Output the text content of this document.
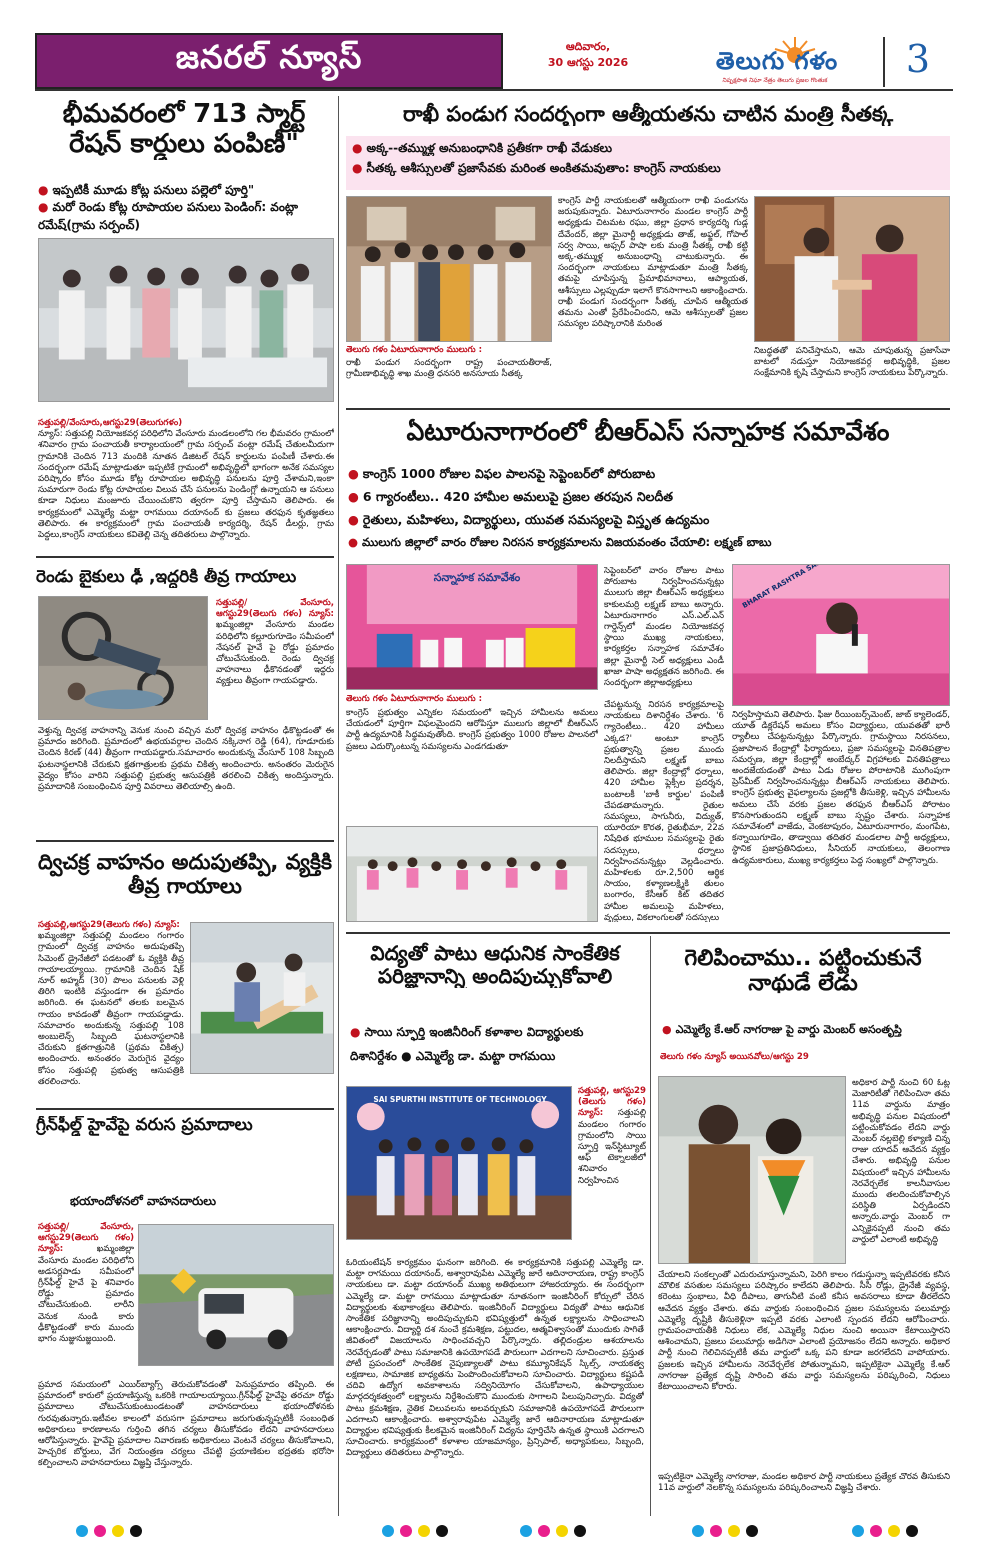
జనరల్ న్యూస్	ఆదివారం,
30 ఆగస్టు 2026	తెలుగు గళం
నిష్పక్షపాత నిఘా నేత్రం తెలుగు ప్రజల గొంతుక	3
భీమవరంలో 713 స్మార్ట్ రేషన్ కార్డులు పంపిణీ"
● ఇప్పటికీ మూడు కోట్ల పనులు పల్లెలో పూర్తి"
● మరో రెండు కోట్ల రూపాయల పనులు పెండింగ్: వంట్లా రమేష్(గ్రామ సర్పంచ్)
సత్తుపల్లి/వేంసూరు,ఆగస్టు29(తెలుగుగళం)
న్యూస్: సత్తుపల్లి నియోజకవర్గ పరిధిలోని వేంసూరు మండలంలోని గల భీమవరం గ్రామంలో శనివారం గ్రామ పంచాయతీ కార్యాలయంలో గ్రామ సర్పంచ్ వంట్లా రమేష్ చేతులమీదుగా గ్రామానికి చెందిన 713 మందికి నూతన డిజిటల్ రేషన్ కార్డులను పంపిణీ చేశారు.ఈ సందర్భంగా రమేష్ మాట్లాడుతూ ఇప్పటికే గ్రామంలో అభివృద్ధిలో భాగంగా అనేక సమస్యల పరిష్కారం కోసం మూడు కోట్ల రూపాయల అభివృద్ధి పనులను పూర్తి చేశామని,ఇంకా సుమారుగా రెండు కోట్ల రూపాయల విలువ చేసే పనులను పెండింగ్లో ఉన్నాయని ఆ పనులు కూడా నిధులు మంజూరు చేయించుకొని త్వరగా పూర్తి చేస్తామని తెలిపారు. ఈ కార్యక్రమంలో ఎమ్మెల్యే మట్టా రాగమయి దయానంద్ కు ప్రజలు తరఫున కృతజ్ఞతలు తెలిపారు. ఈ కార్యక్రమంలో గ్రామ పంచాయతీ కార్యదర్శి, రేషన్ డీలర్లు, గ్రామ పెద్దలు,కాంగ్రెస్ నాయకులు కవితెల్లి చెన్న తదితరులు పాల్గొన్నారు.
రెండు బైకులు ఢీ ,ఇద్దరికి తీవ్ర గాయాలు
సత్తుపల్లి/ వేంసూరు, ఆగస్టు29(తెలుగు గళం) న్యూస్: ఖమ్మంజిల్లా వేంసూరు మండల పరిధిలోని కల్లూరుగూడెం సమీపంలో నేషనల్ హైవే పై రోడ్డు ప్రమాదం చోటుచేసుకుంది. రెండు ద్విచక్ర వాహనాలు ఢీకొనడంతో ఇద్దరు వ్యక్తులు తీవ్రంగా గాయపడ్డారు.
వెళ్తున్న ద్విచక్ర వాహనాన్ని వెనుక నుంచి వచ్చిన మరో ద్విచక్ర వాహనం ఢీకొట్టడంతో ఈ ప్రమాదం జరిగింది. ప్రమాదంలో ఉభయవర్గాల చెందిన నక్కినాగ రెడ్డి (64), గూడూరుకు చెందిన కిరణ్ (44) తీవ్రంగా గాయపడ్డారు.సమాచారం అందుకున్న వేంసూర్ 108 సిబ్బంది ఘటనాస్థలానికి చేరుకుని క్షతగాత్రులకు ప్రథమ చికిత్స అందించారు. అనంతరం మెరుగైన వైద్యం కోసం వారిని సత్తుపల్లి ప్రభుత్వ ఆసుపత్రికి తరలించి చికిత్స అందిస్తున్నారు. ప్రమాదానికి సంబంధించిన పూర్తి వివరాలు తెలియాల్సి ఉంది.
ద్విచక్ర వాహనం అదుపుతప్పి, వ్యక్తికి తీవ్ర గాయాలు
సత్తుపల్లి,ఆగస్టు29(తెలుగు గళం) న్యూస్:
ఖమ్మంజిల్లా సత్తుపల్లి మండలం గంగారం గ్రామంలో ద్విచక్ర వాహనం అదుపుతప్పి సిమెంట్ డ్రైనేజీలో పడటంతో ఓ వ్యక్తికి తీవ్ర గాయాలయ్యాయి. గ్రామానికి చెందిన షేక్ నూర్ అహ్మద్ (30) పొలం పనులకు వెళ్లి తిరిగి ఇంటికి వస్తుండగా ఈ ప్రమాదం జరిగింది. ఈ ఘటనలో తలకు బలమైన గాయం కావడంతో తీవ్రంగా గాయపడ్డాడు. సమాచారం అందుకున్న సత్తుపల్లి 108 అంబులెన్స్ సిబ్బంది ఘటనాస్థలానికి చేరుకుని క్షతగాత్రునికి (ప్రథమ చికిత్స) అందించారు. అనంతరం మెరుగైన వైద్యం కోసం సత్తుపల్లి ప్రభుత్వ ఆసుపత్రికి తరలించారు.
గ్రీన్‌ఫీల్డ్ హైవేపై వరుస ప్రమాదాలు
భయాందోళనలో వాహనదారులు
సత్తుపల్లి/ వేంసూరు, ఆగస్టు29(తెలుగు గళం) న్యూస్:	ఖమ్మంజిల్లా వేంసూరు మండల పరిధిలోని అడసర్లపాడు సమీపంలో గ్రీన్‌ఫీల్డ్ హైవే పై శనివారం రోడ్డు ప్రమాదం చోటుచేసుకుంది. లారీని వెనుక నుండి కారు ఢీకొట్టడంతో కారు ముందు భాగం నుజ్జునుజ్జయింది.
ప్రమాద సమయంలో ఎయిర్‌బ్యాగ్స్ తెరుచుకోవడంతో పెనుప్రమాదం తప్పింది. ఈ ప్రమాదంలో కారులో ప్రయాణిస్తున్న ఒకరికి గాయాలయ్యాయి.గ్రీన్‌ఫీల్డ్ హైవేపై తరచూ రోడ్డు ప్రమాదాలు చోటుచేసుకుంటుండటంతో వాహనదారులు భయాందోళనకు గురవుతున్నారు.ఇటీవల కాలంలో వరుసగా ప్రమాదాలు జరుగుతున్నప్పటికీ సంబంధిత అధికారులు కారణాలను గుర్తించి తగిన చర్యలు తీసుకోవడం లేదని వాహనదారులు ఆరోపిస్తున్నారు. హైవేపై ప్రమాదాల నివారణకు అధికారులు వెంటనే చర్యలు తీసుకోవాలని, హెచ్చరిక బోర్డులు, వేగ నియంత్రణ చర్యలు చేపట్టి ప్రయాణికుల భద్రతకు భరోసా కల్పించాలని వాహనదారులు విజ్ఞప్తి చేస్తున్నారు.
రాఖీ పండుగ సందర్భంగా ఆత్మీయతను చాటిన మంత్రి సీతక్క
● అక్క--తమ్ముళ్ల అనుబంధానికి ప్రతీకగా రాఖీ వేడుకలు
● సీతక్క ఆశీస్సులతో ప్రజాసేవకు మరింత అంకితమవుతాం: కాంగ్రెస్ నాయకులు
తెలుగు గళం ఏటూరునాగారం ములుగు :
రాఖీ పండుగ సందర్భంగా రాష్ట్ర పంచాయతీరాజ్, గ్రామీణాభివృద్ధి శాఖ మంత్రి ధనసరి అనసూయ సీతక్క
కాంగ్రెస్ పార్టీ నాయకులతో ఆత్మీయంగా రాఖీ పండుగను జరుపుకున్నారు. ఏటూరునాగారం మండల కాంగ్రెస్ పార్టీ అధ్యక్షుడు చిటమట రఘు, జిల్లా ప్రధాన కార్యదర్శి గుడ్ల దేవేందర్, జిల్లా మైనార్టీ అధ్యక్షుడు తాజ్, అఫ్జల్, గోపాల్ సర్వ సాయి, అఫ్సర్ పాషా లకు మంత్రి సీతక్క రాఖీ కట్టి అక్క-తమ్ముళ్ల అనుబంధాన్ని చాటుకున్నారు. ఈ సందర్భంగా నాయకులు మాట్లాడుతూ మంత్రి సీతక్క తమపై చూపిస్తున్న ప్రేమాభిమానాలు, ఆప్యాయత, ఆశీస్సులు ఎల్లప్పుడూ ఇలాగే కొనసాగాలని ఆకాంక్షించారు. రాఖీ పండుగ సందర్భంగా సీతక్క చూపిన ఆత్మీయత తమను ఎంతో ప్రేరేపించిందని, ఆమె ఆశీస్సులతో ప్రజల సమస్యల పరిష్కారానికి మరింత
నిబద్ధతతో పనిచేస్తామని, ఆమె చూపుతున్న ప్రజాసేవా బాటలో నడుస్తూ నియోజకవర్గ అభివృద్ధికి, ప్రజల సంక్షేమానికి కృషి చేస్తామని కాంగ్రెస్ నాయకులు పేర్కొన్నారు.
ఏటూరునాగారంలో బీఆర్ఎస్ సన్నాహక సమావేశం
● కాంగ్రెస్ 1000 రోజుల విఫల పాలనపై సెప్టెంబర్‌లో పోరుబాట
● 6 గ్యారంటీలు.. 420 హామీల అమలుపై ప్రజల తరపున నిలదీత
● రైతులు, మహిళలు, విద్యార్థులు, యువత సమస్యలపై విస్తృత ఉద్యమం
● ములుగు జిల్లాలో వారం రోజుల నిరసన కార్యక్రమాలను విజయవంతం చేయాలి: లక్ష్మణ్ బాబు
సన్నాహక సమావేశం	సెప్టెంబర్‌లో వారం రోజుల పాటు పోరుబాట నిర్వహించనున్నట్లు ములుగు జిల్లా బీఆర్ఎస్ అధ్యక్షులు కాకులమర్రి లక్ష్మణ్ బాబు అన్నారు. ఏటూరునాగారం ఎస్.ఎల్.ఎన్ గార్డెన్స్‌లో మండల నియోజకవర్గ స్థాయి ముఖ్య నాయకులు, కార్యకర్తల సన్నాహక సమావేశం జిల్లా మైనార్టీ సెల్ అధ్యక్షులు ఎండీ ఖాజా పాషా అధ్యక్షతన జరిగింది. ఈ సందర్భంగా జిల్లాఅధ్యక్షులు
తెలుగు గళం ఏటూరునాగారం ములుగు :
కాంగ్రెస్ ప్రభుత్వం ఎన్నికల సమయంలో ఇచ్చిన హామీలను అమలు చేయడంలో పూర్తిగా విఫలమైందని ఆరోపిస్తూ ములుగు జిల్లాలో బీఆర్ఎస్ పార్టీ ఉద్యమానికి సిద్ధమవుతోంది. కాంగ్రెస్ ప్రభుత్వం 1000 రోజుల పాలనలో ప్రజలు ఎదుర్కొంటున్న సమస్యలను ఎండగడుతూ
చేపట్టనున్న నిరసన కార్యక్రమాలపై నాయకులు దిశానిర్దేశం చేశారు. '6 గ్యారెంటీలు.. 420 హామీలు ఎక్కడ?' అంటూ కాంగ్రెస్ ప్రభుత్వాన్ని ప్రజల ముందు నిలదీస్తామని లక్ష్మణ్ బాబు తెలిపారు. జిల్లా కేంద్రాల్లో ధర్నాలు, 420 హామీల ఫ్లెక్సీల ప్రదర్శన, బంటాలకీ 'బాకీ కార్డుల' పంపిణీ చేపడతామన్నారు. రైతుల సమస్యలు, సాగునీరు, విద్యుత్, యూరియా కొరత, రైతుభీమా, 22వ నిషేధిత భూముల సమస్యలపై రైతు సదస్సులు, ధర్నాలు నిర్వహించనున్నట్లు వెల్లడించారు. మహిళలకు రూ.2,500 ఆర్థిక సాయం, కళ్యాణలక్ష్మికి తులం బంగారం, కేసీఆర్ కిట్ తదితర హామీల అమలుపై మహిళలు, వృద్ధులు, వికలాంగులతో సదస్సులు
నిర్వహిస్తామని తెలిపారు. ఫీజు రీయింబర్స్‌మెంట్, జాబ్ క్యాలెండర్, యూత్ డిక్లరేషన్ అమలు కోసం విద్యార్థులు, యువతతో భారీ ర్యాలీలు చేపట్టనున్నట్లు పేర్కొన్నారు. గ్రామస్థాయి నిరసనలు, ప్రజాపాలన కేంద్రాల్లో ఫిర్యాదులు, ప్రజా సమస్యలపై వినతిపత్రాల సమర్పణ, జిల్లా కేంద్రాల్లో అంబేద్కర్ విగ్రహాలకు వినతిపత్రాలు అందజేయడంతో పాటు ఏడు రోజుల పోరాటానికి ముగింపుగా ప్రెస్‌మీట్ నిర్వహించనున్నట్లు బీఆర్ఎస్ నాయకులు తెలిపారు. కాంగ్రెస్ ప్రభుత్వ వైఫల్యాలను ప్రజల్లోకి తీసుకెళ్లి, ఇచ్చిన హామీలను అమలు చేసే వరకు ప్రజల తరఫున బీఆర్ఎస్ పోరాటం కొనసాగుతుందని లక్ష్మణ్ బాబు స్పష్టం చేశారు. సన్నాహక సమావేశంలో వాజేడు, వెంకటాపురం, ఏటూరునాగారం, మంగపేట, కన్నాయిగూడెం, తాడ్వాయి తదితర మండలాల పార్టీ అధ్యక్షులు, స్థానిక ప్రజాప్రతినిధులు, సీనియర్ నాయకులు, తెలంగాణ ఉద్యమకారులు, ముఖ్య కార్యకర్తలు పెద్ద సంఖ్యలో పాల్గొన్నారు.
విద్యతో పాటు ఆధునిక సాంకేతిక పరిజ్ఞానాన్ని అందిపుచ్చుకోవాలి
● సాయి స్ఫూర్తి ఇంజినీరింగ్ కళాశాల విద్యార్థులకు
దిశానిర్దేశం ● ఎమ్మెల్యే డా. మట్టా రాగమయి
SAI SPURTHI INSTITUTE OF TECHNOLOGY
సత్తుపల్లి, ఆగస్టు29 (తెలుగు గళం) న్యూస్: సత్తుపల్లి మండలం గంగారం గ్రామంలోని సాయి స్ఫూర్తి ఇన్‌స్టిట్యూట్ ఆఫ్ టెక్నాలజీలో శనివారం నిర్వహించిన
ఓరియంటేషన్ కార్యక్రమం ఘనంగా జరిగింది. ఈ కార్యక్రమానికి సత్తుపల్లి ఎమ్మెల్యే డా. మట్టా రాగమయి దయానంద్, అశ్వారావుపేట ఎమ్మెల్యే జారే ఆదినారాయణ, రాష్ట్ర కాంగ్రెస్ నాయకులు డా. మట్టా దయానంద్ ముఖ్య అతిథులుగా హాజరయ్యారు. ఈ సందర్భంగా ఎమ్మెల్యే డా. మట్టా రాగమయి మాట్లాడుతూ నూతనంగా ఇంజినీరింగ్ కోర్సులో చేరిన విద్యార్థులకు శుభాకాంక్షలు తెలిపారు. ఇంజినీరింగ్ విద్యార్థులు విద్యతో పాటు ఆధునిక సాంకేతిక పరిజ్ఞానాన్ని అందిపుచ్చుకుని భవిష్యత్తులో ఉన్నత లక్ష్యాలను సాధించాలని ఆకాంక్షించారు. విద్యార్థి దశ నుంచే క్రమశిక్షణ, పట్టుదల, ఆత్మవిశ్వాసంతో ముందుకు సాగితే జీవితంలో విజయాలను సాధించవచ్చని పేర్కొన్నారు. తల్లిదండ్రుల ఆశయాలను నెరవేర్చడంతో పాటు సమాజానికి ఉపయోగపడే పౌరులుగా ఎదగాలని సూచించారు. ప్రస్తుత పోటీ ప్రపంచంలో సాంకేతిక నైపుణ్యాలతో పాటు కమ్యూనికేషన్ స్కిల్స్, నాయకత్వ లక్షణాలు, సామాజిక బాధ్యతను పెంపొందించుకోవాలని సూచించారు. విద్యార్థులు కష్టపడి చదివి ఉద్యోగ అవకాశాలను సద్వినియోగం చేసుకోవాలని, ఉపాధ్యాయుల మార్గదర్శకత్వంలో లక్ష్యాలను నిర్దేశించుకొని ముందుకు సాగాలని పిలుపునిచ్చారు. విద్యతో పాటు క్రమశిక్షణ, నైతిక విలువలను అలవర్చుకుని సమాజానికి ఉపయోగపడే పౌరులుగా ఎదగాలని ఆకాంక్షించారు. అశ్వారావుపేట ఎమ్మెల్యే జారే ఆదినారాయణ మాట్లాడుతూ విద్యార్థుల భవిష్యత్తుకు కీలకమైన ఇంజినీరింగ్ విద్యను పూర్తిచేసి ఉన్నత స్థాయికి ఎదగాలని సూచించారు. కార్యక్రమంలో కళాశాల యాజమాన్యం, ప్రిన్సిపాల్, అధ్యాపకులు, సిబ్బంది, విద్యార్థులు తదితరులు పాల్గొన్నారు.
గెలిపించాము.. పట్టించుకునే నాథుడే లేడు
● ఎమ్మెల్యే కే.ఆర్ నాగరాజు పై వార్డు మెంబర్ అసంతృప్తి
తెలుగు గళం న్యూస్ అయినవోలు/ఆగస్టు 29
అధికార పార్టీ నుంచి 60 ఓట్ల మెజారిటీతో గెలిపించినా తమ 11వ వార్డును మాత్రం అభివృద్ధి పనుల విషయంలో పట్టించుకోవడం లేదని వార్డు మెంబర్ నల్లబెల్లి కళ్యాణి చిన్న రాజు యాదవ్ ఆవేదన వ్యక్తం చేశారు. అభివృద్ధి పనుల విషయంలో ఇచ్చిన హామీలను నెరవేర్చలేక కాలనీవాసుల ముందు తలదించుకోవాల్సిన పరిస్థితి ఏర్పడిందని అన్నారు.వార్డు మెంబర్ గా ఎన్నికైనప్పటి నుంచి తమ వార్డులో ఎలాంటి అభివృద్ధి
చేయాలని సంకల్పంతో ఎదురుచూస్తున్నామని, పెరిగి కాలం గడుస్తున్నా ఇప్పటివరకు కనీస మౌలిక వసతుల సమస్యలు పరిష్కారం కాలేదని తెలిపారు. సీసీ రోడ్లు, డ్రైనేజీ వ్యవస్థ, కరెంటు స్తంభాలు, వీధి దీపాలు, తాగునీటి వంటి కనీస అవసరాలు కూడా తీరలేదని ఆవేదన వ్యక్తం చేశారు. తమ వార్డుకు సంబంధించిన ప్రజల సమస్యలను పలుమార్లు ఎమ్మెల్యే దృష్టికి తీసుకెళ్లినా ఇప్పటి వరకు ఎలాంటి స్పందన లేదని ఆరోపించారు. గ్రామపంచాయతీకి నిధులు లేక, ఎమ్మెల్యే నిధుల నుంచి అయినా కేటాయిస్తారని ఆశించామని, ప్రజలు పలుమార్లు అడిగినా ఎలాంటి ప్రయోజనం లేదని అన్నారు. అధికార పార్టీ నుంచి గెలిచినప్పటికీ తమ వార్డులో ఒక్క పని కూడా జరగలేదని వాపోయారు. ప్రజలకు ఇచ్చిన హామీలను నెరవేర్చలేక పోతున్నామని, ఇప్పటికైనా ఎమ్మెల్యే కే.ఆర్ నాగరాజు ప్రత్యేక దృష్టి సారించి తమ వార్డు సమస్యలను పరిష్కరించి, నిధులు కేటాయించాలని కోరారు.
ఇప్పటికైనా ఎమ్మెల్యే నాగరాజు, మండల అధికార పార్టీ నాయకులు ప్రత్యేక చొరవ తీసుకుని 11వ వార్డులో నెలకొన్న సమస్యలను పరిష్కరించాలని విజ్ఞప్తి చేశారు.
